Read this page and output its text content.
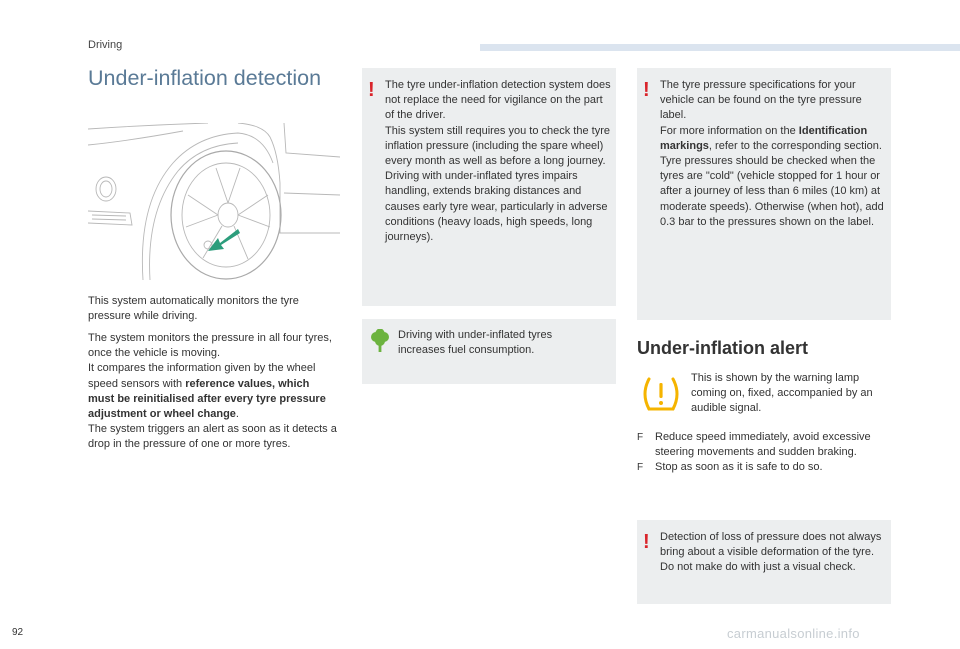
Driving
Under-inflation detection

This system automatically monitors the tyre pressure while driving.

The system monitors the pressure in all four tyres, once the vehicle is moving.
It compares the information given by the wheel speed sensors with reference values, which must be reinitialised after every tyre pressure adjustment or wheel change.
The system triggers an alert as soon as it detects a drop in the pressure of one or more tyres.
! The tyre under-inflation detection system does not replace the need for vigilance on the part of the driver.
This system still requires you to check the tyre inflation pressure (including the spare wheel) every month as well as before a long journey.
Driving with under-inflated tyres impairs handling, extends braking distances and causes early tyre wear, particularly in adverse conditions (heavy loads, high speeds, long journeys).

Driving with under-inflated tyres increases fuel consumption.

! The tyre pressure specifications for your vehicle can be found on the tyre pressure label.
For more information on the Identification markings, refer to the corresponding section.
Tyre pressures should be checked when the tyres are "cold" (vehicle stopped for 1 hour or after a journey of less than 6 miles (10 km) at moderate speeds). Otherwise (when hot), add 0.3 bar to the pressures shown on the label.
Under-inflation alert

This is shown by the warning lamp coming on, fixed, accompanied by an audible signal.

F Reduce speed immediately, avoid excessive steering movements and sudden braking.
F Stop as soon as it is safe to do so.
! Detection of loss of pressure does not always bring about a visible deformation of the tyre. Do not make do with just a visual check.

92	carmanualsonline.info
